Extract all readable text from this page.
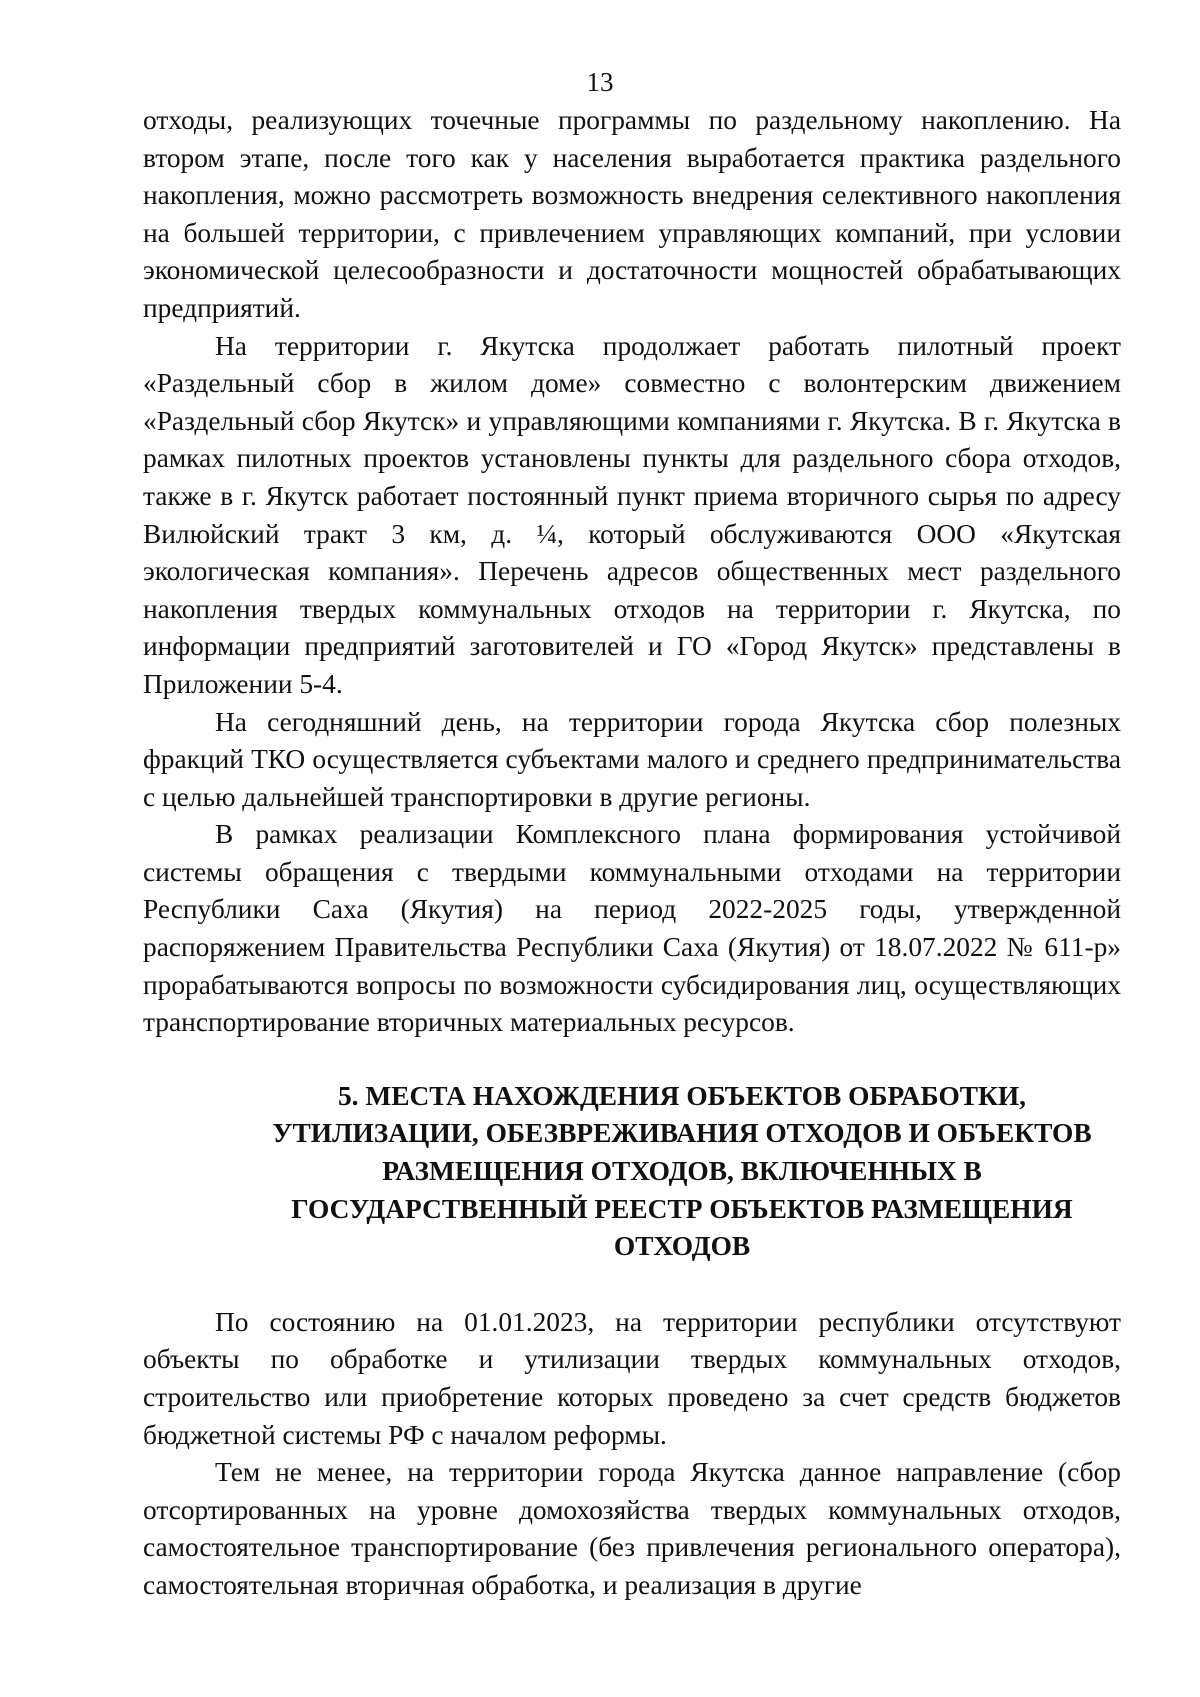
13

отходы, реализующих точечные программы по раздельному накоплению. На втором этапе, после того как у населения выработается практика раздельного накопления, можно рассмотреть возможность внедрения селективного накопления на большей территории, с привлечением управляющих компаний, при условии экономической целесообразности и достаточности мощностей обрабатывающих предприятий.

На территории г. Якутска продолжает работать пилотный проект «Раздельный сбор в жилом доме» совместно с волонтерским движением «Раздельный сбор Якутск» и управляющими компаниями г. Якутска. В г. Якутска в рамках пилотных проектов установлены пункты для раздельного сбора отходов, также в г. Якутск работает постоянный пункт приема вторичного сырья по адресу Вилюйский тракт 3 км, д. ¼, который обслуживаются ООО «Якутская экологическая компания». Перечень адресов общественных мест раздельного накопления твердых коммунальных отходов на территории г. Якутска, по информации предприятий заготовителей и ГО «Город Якутск» представлены в Приложении 5-4.

На сегодняшний день, на территории города Якутска сбор полезных фракций ТКО осуществляется субъектами малого и среднего предпринимательства с целью дальнейшей транспортировки в другие регионы.

В рамках реализации Комплексного плана формирования устойчивой системы обращения с твердыми коммунальными отходами на территории Республики Саха (Якутия) на период 2022-2025 годы, утвержденной распоряжением Правительства Республики Саха (Якутия) от 18.07.2022 № 611-р» прорабатываются вопросы по возможности субсидирования лиц, осуществляющих транспортирование вторичных материальных ресурсов.

5. МЕСТА НАХОЖДЕНИЯ ОБЪЕКТОВ ОБРАБОТКИ,
УТИЛИЗАЦИИ, ОБЕЗВРЕЖИВАНИЯ ОТХОДОВ И ОБЪЕКТОВ
РАЗМЕЩЕНИЯ ОТХОДОВ, ВКЛЮЧЕННЫХ В
ГОСУДАРСТВЕННЫЙ РЕЕСТР ОБЪЕКТОВ РАЗМЕЩЕНИЯ
ОТХОДОВ

По состоянию на 01.01.2023, на территории республики отсутствуют объекты по обработке и утилизации твердых коммунальных отходов, строительство или приобретение которых проведено за счет средств бюджетов бюджетной системы РФ с началом реформы.

Тем не менее, на территории города Якутска данное направление (сбор отсортированных на уровне домохозяйства твердых коммунальных отходов, самостоятельное транспортирование (без привлечения регионального оператора), самостоятельная вторичная обработка, и реализация в другие
